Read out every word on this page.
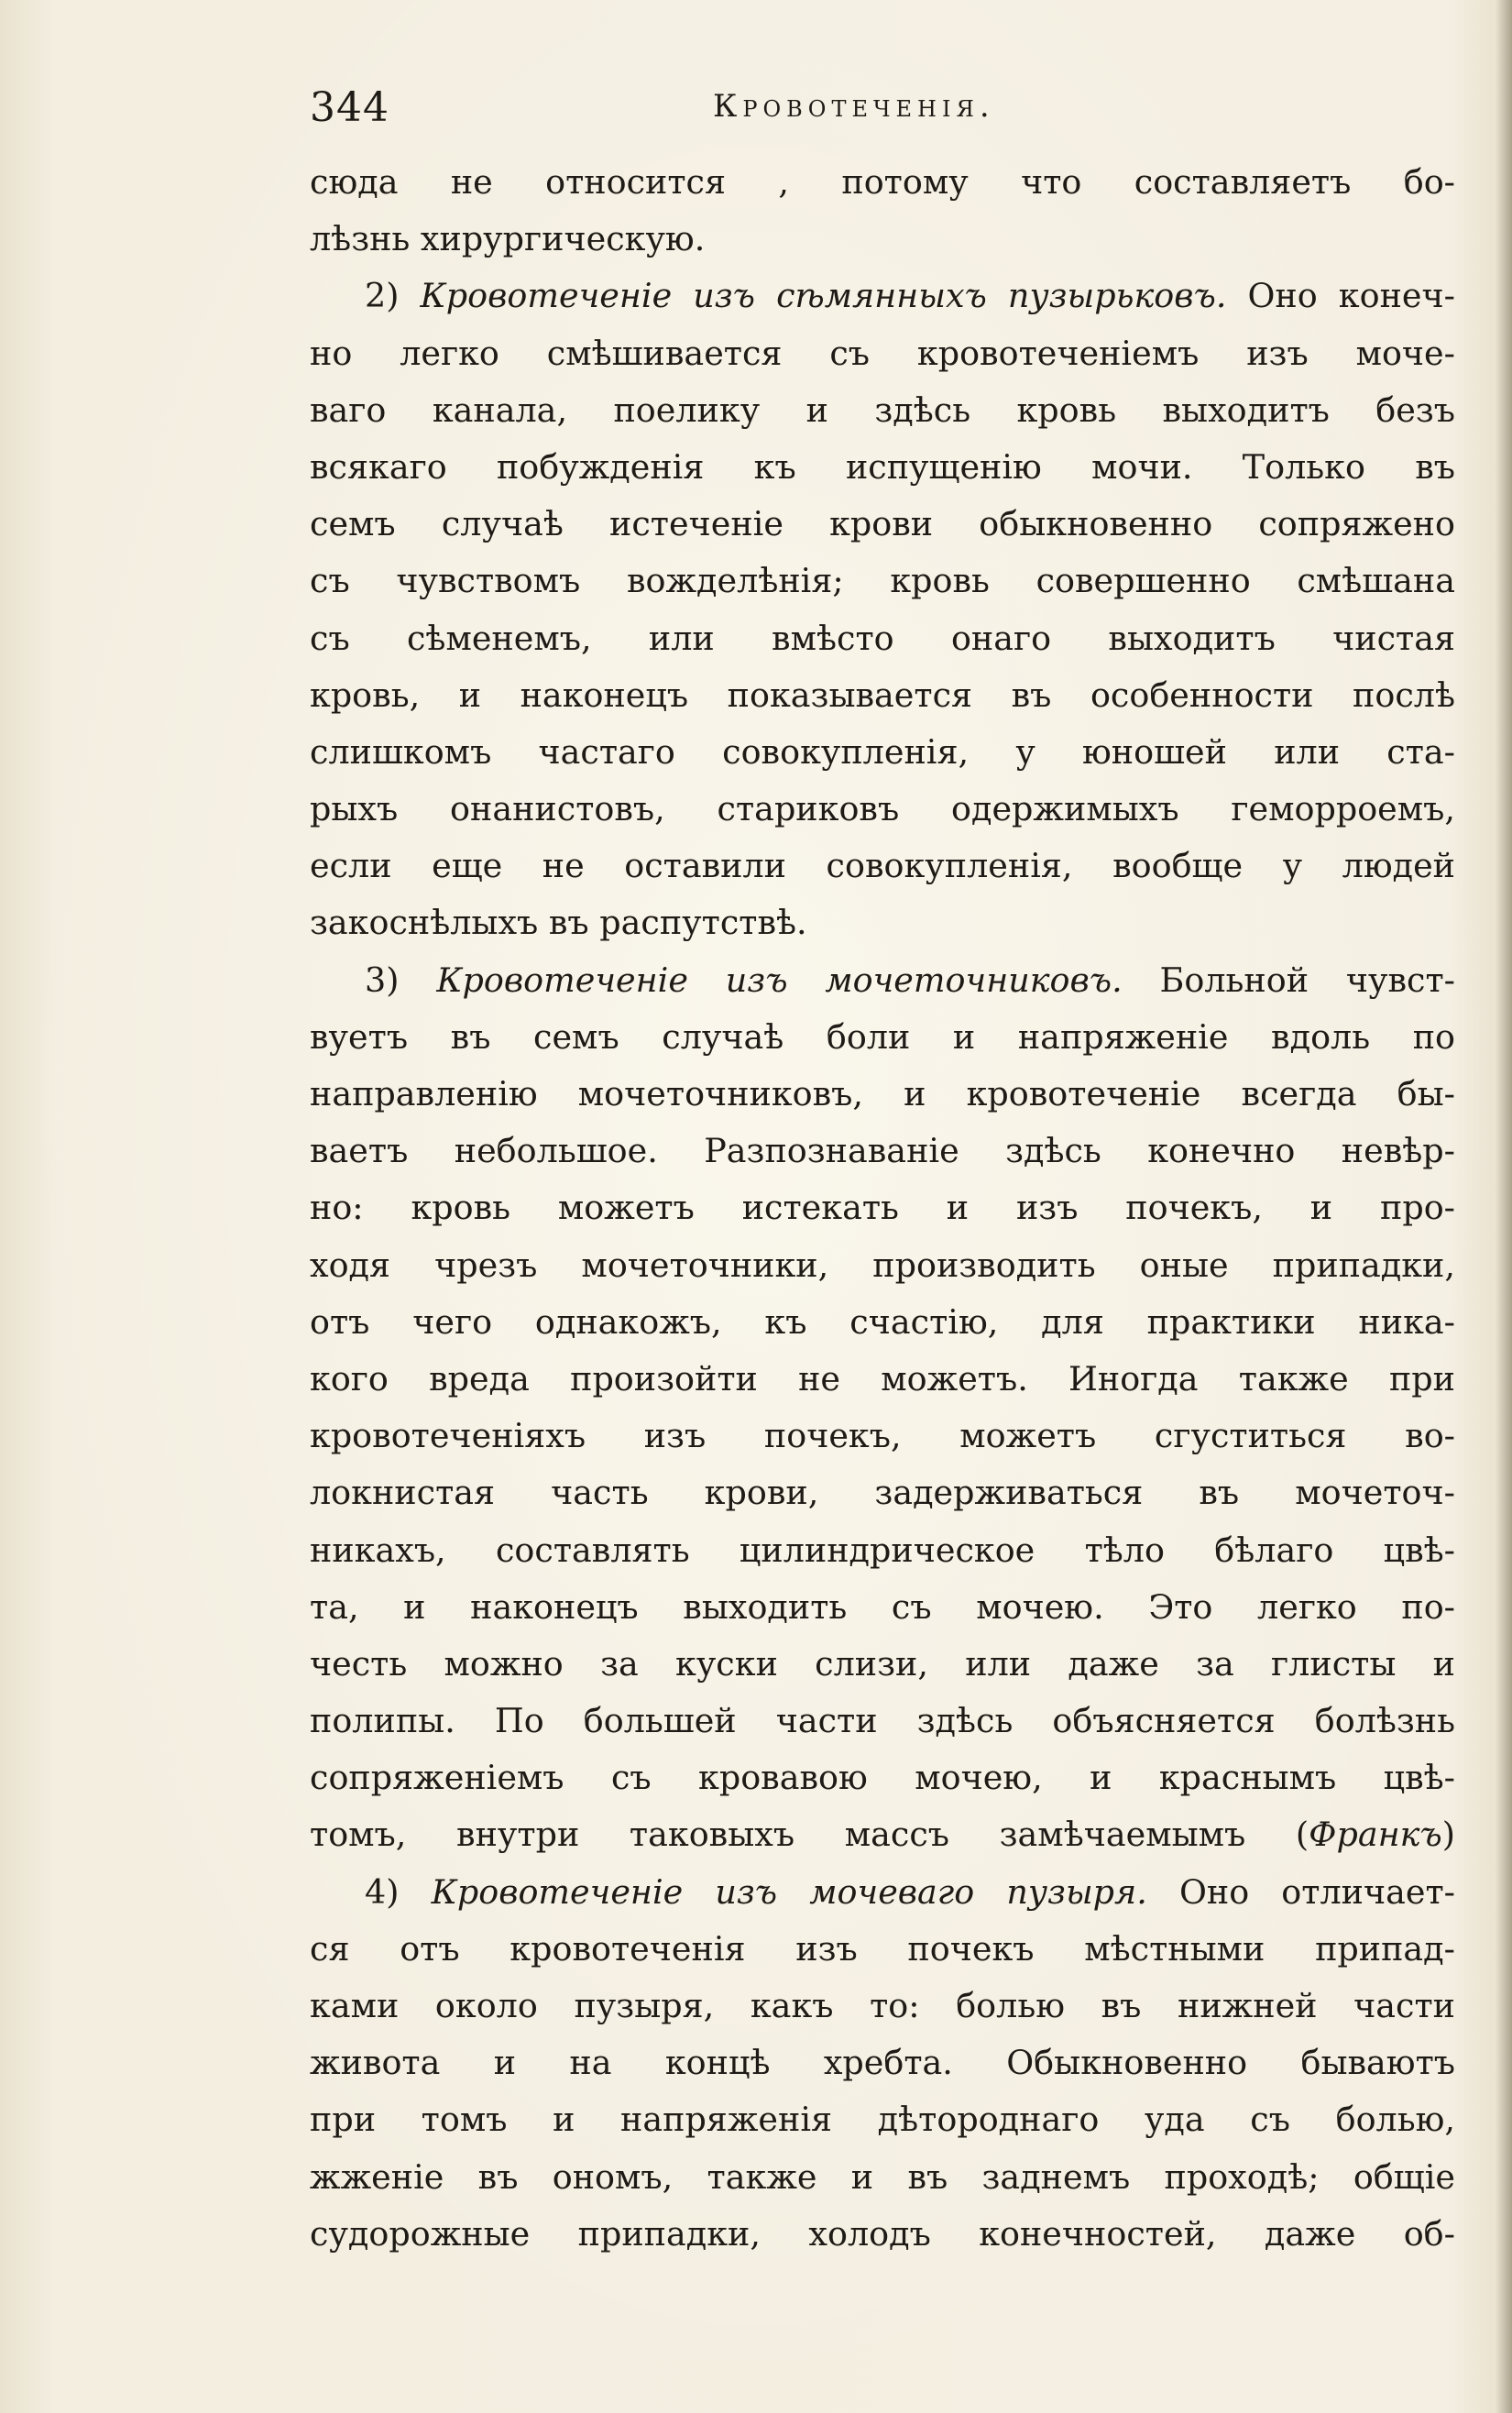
344	Кровотеченія.
сюда не относится , потому что составляетъ бо-
лѣзнь хирургическую.
2) Кровотеченіе изъ сѣмянныхъ пузырьковъ. Оно конеч-
но легко смѣшивается съ кровотеченіемъ изъ моче-
ваго канала, поелику и здѣсь кровь выходитъ безъ
всякаго побужденія къ испущенію мочи. Только въ
семъ случаѣ истеченіе крови обыкновенно сопряжено
съ чувствомъ вожделѣнія; кровь совершенно смѣшана
съ сѣменемъ, или вмѣсто онаго выходитъ чистая
кровь, и наконецъ показывается въ особенности послѣ
слишкомъ частаго совокупленія, у юношей или ста-
рыхъ онанистовъ, стариковъ одержимыхъ геморроемъ,
если еще не оставили совокупленія, вообще у людей
закоснѣлыхъ въ распутствѣ.
3) Кровотеченіе изъ мочеточниковъ. Больной чувст-
вуетъ въ семъ случаѣ боли и напряженіе вдоль по
направленію мочеточниковъ, и кровотеченіе всегда бы-
ваетъ небольшое. Разпознаваніе здѣсь конечно невѣр-
но: кровь можетъ истекать и изъ почекъ, и про-
ходя чрезъ мочеточники, производить оные припадки,
отъ чего однакожъ, къ счастію, для практики ника-
кого вреда произойти не можетъ. Иногда также при
кровотеченіяхъ изъ почекъ, можетъ сгуститься во-
локнистая часть крови, задерживаться въ мочеточ-
никахъ, составлять цилиндрическое тѣло бѣлаго цвѣ-
та, и наконецъ выходить съ мочею. Это легко по-
честь можно за куски слизи, или даже за глисты и
полипы. По большей части здѣсь объясняется болѣзнь
сопряженіемъ съ кровавою мочею, и краснымъ цвѣ-
томъ, внутри таковыхъ массъ замѣчаемымъ (Франкъ)
4) Кровотеченіе изъ мочеваго пузыря. Оно отличает-
ся отъ кровотеченія изъ почекъ мѣстными припад-
ками около пузыря, какъ то: болью въ нижней части
живота и на концѣ хребта. Обыкновенно бываютъ
при томъ и напряженія дѣтороднаго уда съ болью,
жженіе въ ономъ, также и въ заднемъ проходѣ; общіе
судорожные припадки, холодъ конечностей, даже об-
